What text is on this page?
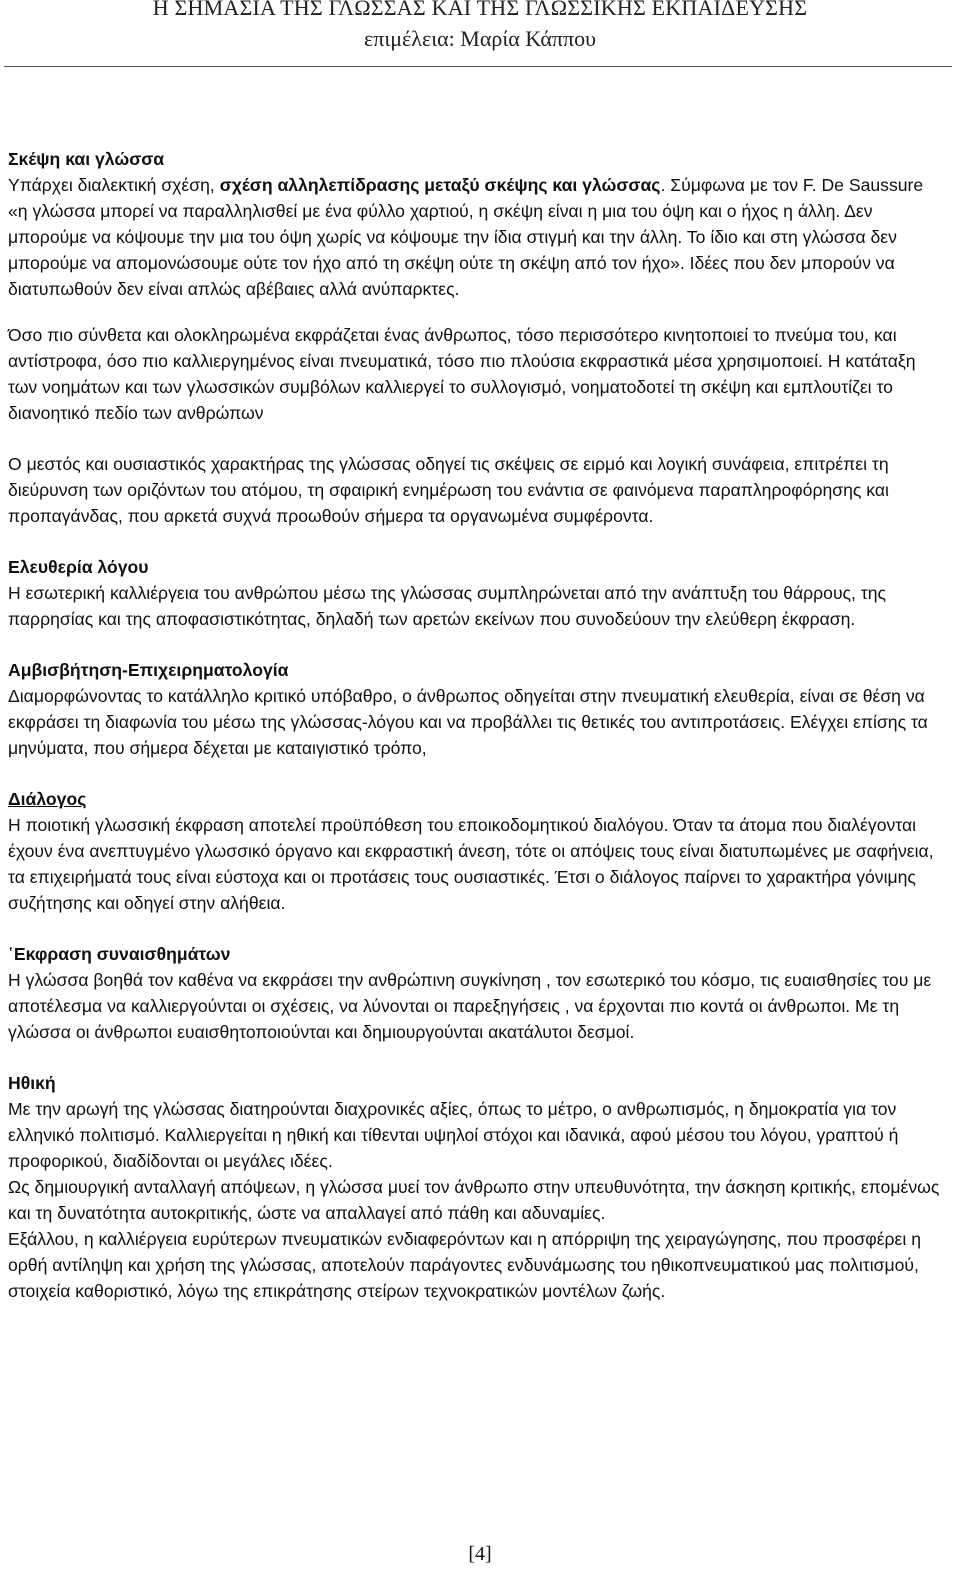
Η ΣΗΜΑΣΙΑ ΤΗΣ ΓΛΩΣΣΑΣ ΚΑΙ ΤΗΣ ΓΛΩΣΣΙΚΗΣ ΕΚΠΑΙΔΕΥΣΗΣ
επιμέλεια: Μαρία Κάππου
Σκέψη και γλώσσα

Υπάρχει διαλεκτική σχέση, σχέση αλληλεπίδρασης μεταξύ σκέψης και γλώσσας. Σύμφωνα με τον F. De Saussure «η γλώσσα μπορεί να παραλληλισθεί με ένα φύλλο χαρτιού, η σκέψη είναι η μια του όψη και ο ήχος η άλλη. Δεν μπορούμε να κόψουμε την μια του όψη χωρίς να κόψουμε την ίδια στιγμή και την άλλη. Το ίδιο και στη γλώσσα δεν μπορούμε να απομονώσουμε ούτε τον ήχο από τη σκέψη ούτε τη σκέψη από τον ήχο». Ιδέες που δεν μπορούν να διατυπωθούν δεν είναι απλώς αβέβαιες αλλά ανύπαρκτες.

Όσο πιο σύνθετα και ολοκληρωμένα εκφράζεται ένας άνθρωπος, τόσο περισσότερο κινητοποιεί το πνεύμα του, και αντίστροφα, όσο πιο καλλιεργημένος είναι πνευματικά, τόσο πιο πλούσια εκφραστικά μέσα χρησιμοποιεί. Η κατάταξη των νοημάτων και των γλωσσικών συμβόλων καλλιεργεί το συλλογισμό, νοηματοδοτεί τη σκέψη και εμπλουτίζει το διανοητικό πεδίο των ανθρώπων

Ο μεστός και ουσιαστικός χαρακτήρας της γλώσσας οδηγεί τις σκέψεις σε ειρμό και λογική συνάφεια, επιτρέπει τη διεύρυνση των οριζόντων του ατόμου, τη σφαιρική ενημέρωση του ενάντια σε φαινόμενα παραπληροφόρησης και προπαγάνδας, που αρκετά συχνά προωθούν σήμερα τα οργανωμένα συμφέροντα.

Ελευθερία λόγου

Η εσωτερική καλλιέργεια του ανθρώπου μέσω της γλώσσας συμπληρώνεται από την ανάπτυξη του θάρρους, της παρρησίας και της αποφασιστικότητας, δηλαδή των αρετών εκείνων που συνοδεύουν την ελεύθερη έκφραση.

Αμβισβήτηση-Επιχειρηματολογία

Διαμορφώνοντας το κατάλληλο κριτικό υπόβαθρο, ο άνθρωπος οδηγείται στην πνευματική ελευθερία, είναι σε θέση να εκφράσει τη διαφωνία του μέσω της γλώσσας-λόγου και να προβάλλει τις θετικές του αντιπροτάσεις. Ελέγχει επίσης τα μηνύματα, που σήμερα δέχεται με καταιγιστικό τρόπο,

Διάλογος

Η ποιοτική γλωσσική έκφραση αποτελεί προϋπόθεση του εποικοδομητικού διαλόγου. Όταν τα άτομα που διαλέγονται έχουν ένα ανεπτυγμένο γλωσσικό όργανο και εκφραστική άνεση, τότε οι απόψεις τους είναι διατυπωμένες με σαφήνεια, τα επιχειρήματά τους είναι εύστοχα και οι προτάσεις τους ουσιαστικές. Έτσι ο διάλογος παίρνει το χαρακτήρα γόνιμης συζήτησης και οδηγεί στην αλήθεια.

῾Εκφραση συναισθημάτων

Η γλώσσα βοηθά τον καθένα να εκφράσει την ανθρώπινη συγκίνηση , τον εσωτερικό του κόσμο, τις ευαισθησίες του με αποτέλεσμα να καλλιεργούνται οι σχέσεις, να λύνονται οι παρεξηγήσεις , να έρχονται πιο κοντά οι άνθρωποι. Με τη γλώσσα οι άνθρωποι ευαισθητοποιούνται και δημιουργούνται ακατάλυτοι δεσμοί.

Ηθική

Με την αρωγή της γλώσσας διατηρούνται διαχρονικές αξίες, όπως το μέτρο, ο ανθρωπισμός, η δημοκρατία για τον ελληνικό πολιτισμό. Καλλιεργείται η ηθική και τίθενται υψηλοί στόχοι και ιδανικά, αφού μέσου του λόγου, γραπτού ή προφορικού, διαδίδονται οι μεγάλες ιδέες.

Ως δημιουργική ανταλλαγή απόψεων, η γλώσσα μυεί τον άνθρωπο στην υπευθυνότητα, την άσκηση κριτικής, επομένως και τη δυνατότητα αυτοκριτικής, ώστε να απαλλαγεί από πάθη και αδυναμίες.

Εξάλλου, η καλλιέργεια ευρύτερων πνευματικών ενδιαφερόντων και η απόρριψη της χειραγώγησης, που προσφέρει η ορθή αντίληψη και χρήση της γλώσσας, αποτελούν παράγοντες ενδυνάμωσης του ηθικοπνευματικού μας πολιτισμού, στοιχεία καθοριστικό, λόγω της επικράτησης στείρων τεχνοκρατικών μοντέλων ζωής.

[4]
